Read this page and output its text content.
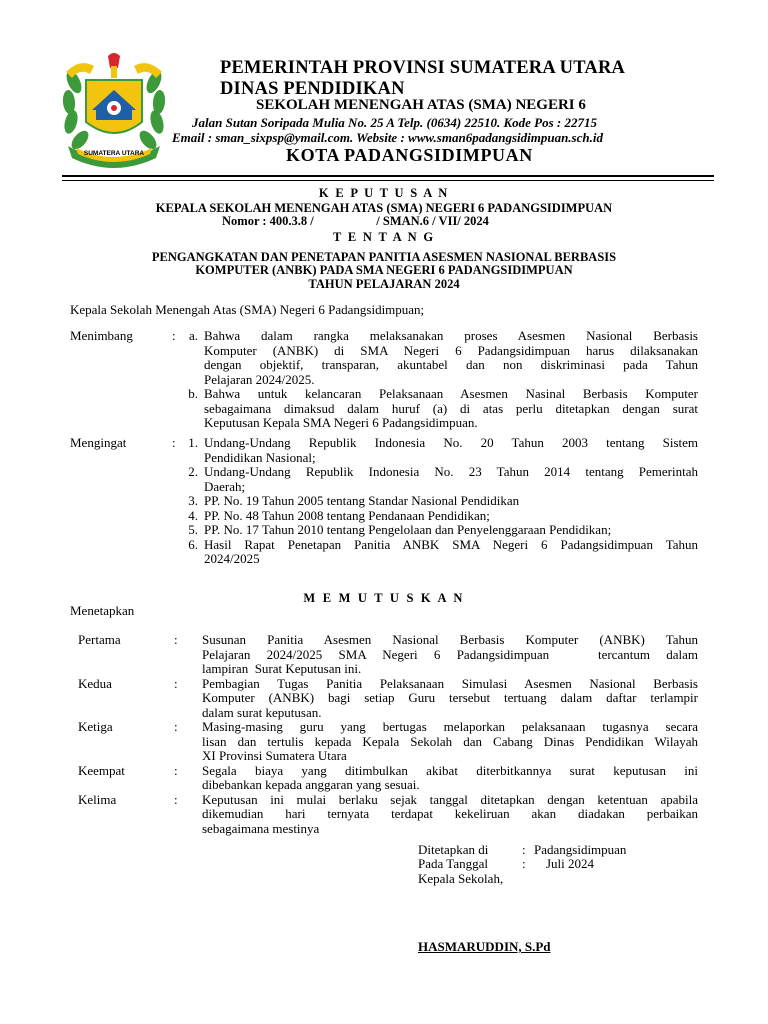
SUMATERA UTARA
PEMERINTAH PROVINSI SUMATERA UTARA
DINAS PENDIDIKAN
SEKOLAH MENENGAH ATAS (SMA) NEGERI 6
Jalan Sutan Soripada Mulia No. 25 A Telp. (0634) 22510. Kode Pos : 22715
Email : sman_sixpsp@ymail.com. Website : www.sman6padangsidimpuan.sch.id
KOTA PADANGSIDIMPUAN
K E P U T U S A N
KEPALA SEKOLAH MENENGAH ATAS (SMA) NEGERI 6 PADANGSIDIMPUAN
Nomor : 400.3.8 /                    / SMAN.6 / VII/ 2024
T E N T A N G
PENGANGKATAN DAN PENETAPAN PANITIA ASESMEN NASIONAL BERBASIS
KOMPUTER (ANBK) PADA SMA NEGERI 6 PADANGSIDIMPUAN
TAHUN PELAJARAN 2024
Kepala Sekolah Menengah Atas (SMA) Negeri 6 Padangsidimpuan;
Menimbang	:	a. Bahwa dalam rangka melaksanakan proses Asesmen Nasional Berbasis
Komputer (ANBK) di SMA Negeri 6 Padangsidimpuan harus dilaksanakan
dengan objektif, transparan, akuntabel dan non diskriminasi pada Tahun
Pelajaran 2024/2025.
b. Bahwa untuk kelancaran Pelaksanaan Asesmen Nasinal Berbasis Komputer
sebagaimana dimaksud dalam huruf (a) di atas perlu ditetapkan dengan surat
Keputusan Kepala SMA Negeri 6 Padangsidimpuan.
Mengingat	: 1. Undang-Undang Republik Indonesia No. 20 Tahun 2003 tentang Sistem
Pendidikan Nasional;
2. Undang-Undang Republik Indonesia No. 23 Tahun 2014 tentang Pemerintah
Daerah;
3. PP. No. 19 Tahun 2005 tentang Standar Nasional Pendidikan
4. PP. No. 48 Tahun 2008 tentang Pendanaan Pendidikan;
5. PP. No. 17 Tahun 2010 tentang Pengelolaan dan Penyelenggaraan Pendidikan;
6. Hasil Rapat Penetapan Panitia ANBK SMA Negeri 6 Padangsidimpuan Tahun
2024/2025
M E M U T U S K A N
Menetapkan
Pertama	: Susunan Panitia Asesmen Nasional Berbasis Komputer (ANBK) Tahun
Pelajaran 2024/2025 SMA Negeri 6 Padangsidimpuan   tercantum dalam
lampiran  Surat Keputusan ini.
Kedua	: Pembagian Tugas Panitia Pelaksanaan Simulasi Asesmen Nasional Berbasis
Komputer (ANBK) bagi setiap Guru tersebut tertuang dalam daftar terlampir
dalam surat keputusan.
Ketiga	: Masing-masing guru yang bertugas melaporkan pelaksanaan tugasnya secara
lisan dan tertulis kepada Kepala Sekolah dan Cabang Dinas Pendidikan Wilayah
XI Provinsi Sumatera Utara
Keempat	: Segala biaya yang ditimbulkan akibat diterbitkannya surat keputusan ini
dibebankan kepada anggaran yang sesuai.
Kelima	: Keputusan ini mulai berlaku sejak tanggal ditetapkan dengan ketentuan apabila
dikemudian hari ternyata terdapat kekeliruan akan diadakan perbaikan
sebagaimana mestinya
Ditetapkan di	: Padangsidimpuan
Pada Tanggal	: Juli 2024
Kepala Sekolah,
HASMARUDDIN, S.Pd
